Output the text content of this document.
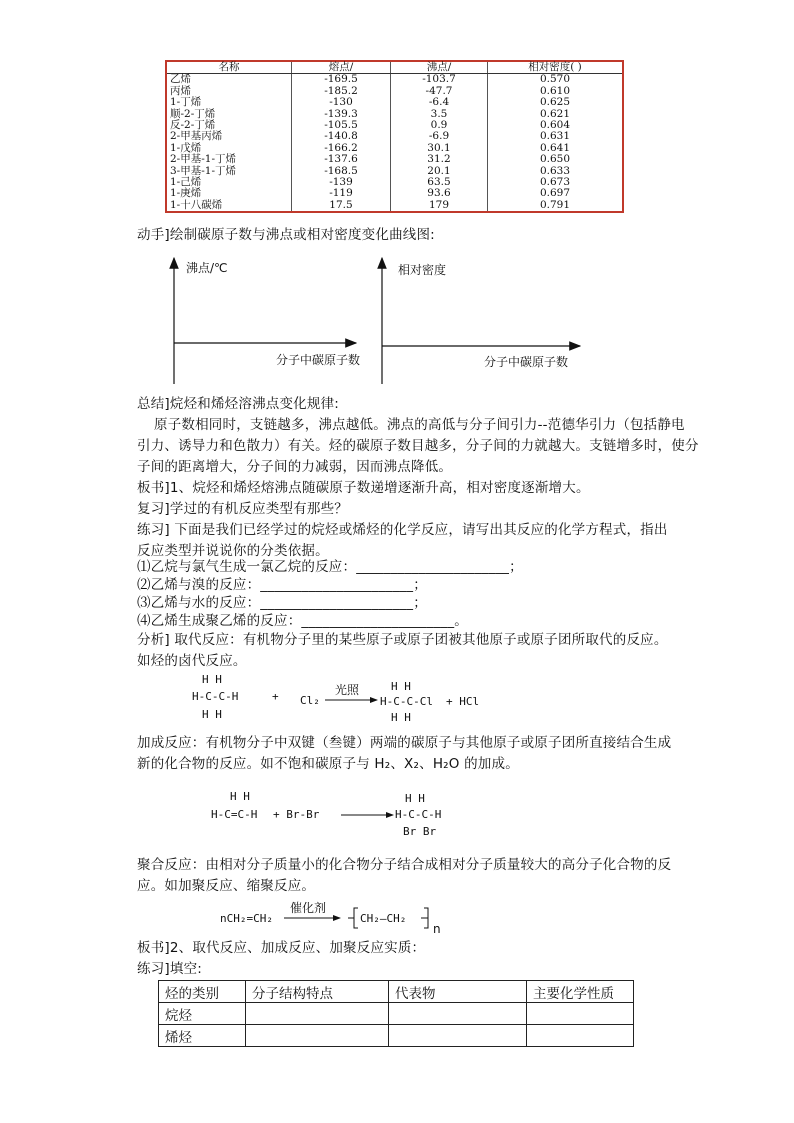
名称	熔点/	沸点/	相对密度( )
乙烯	-169.5	-103.7	0.570
丙烯	-185.2	-47.7	0.610
1-丁烯	-130	-6.4	0.625
顺-2-丁烯	-139.3	3.5	0.621
反-2-丁烯	-105.5	0.9	0.604
2-甲基丙烯	-140.8	-6.9	0.631
1-戊烯	-166.2	30.1	0.641
2-甲基-1-丁烯	-137.6	31.2	0.650
3-甲基-1-丁烯	-168.5	20.1	0.633
1-己烯	-139	63.5	0.673
1-庚烯	-119	93.6	0.697
1-十八碳烯	17.5	179	0.791
动手]绘制碳原子数与沸点或相对密度变化曲线图:
沸点/℃
分子中碳原子数
相对密度
分子中碳原子数
总结]烷烃和烯烃溶沸点变化规律:
原子数相同时，支链越多，沸点越低。沸点的高低与分子间引力--范德华引力（包括静电
引力、诱导力和色散力）有关。烃的碳原子数目越多，分子间的力就越大。支链增多时，使分
子间的距离增大，分子间的力减弱，因而沸点降低。
板书]1、烷烃和烯烃熔沸点随碳原子数递增逐渐升高，相对密度逐渐增大。
复习]学过的有机反应类型有那些？
练习] 下面是我们已经学过的烷烃或烯烃的化学反应，请写出其反应的化学方程式，指出
反应类型并说说你的分类依据。
⑴乙烷与氯气生成一氯乙烷的反应：______________________；
⑵乙烯与溴的反应：______________________；
⑶乙烯与水的反应：______________________；
⑷乙烯生成聚乙烯的反应：______________________。
分析] 取代反应：有机物分子里的某些原子或原子团被其他原子或原子团所取代的反应。
如烃的卤代反应。
H H
H-C-C-H
H H
+ Cl₂
光照	H H
H-C-C-Cl
H H
+ HCl
加成反应：有机物分子中双键（叁键）两端的碳原子与其他原子或原子团所直接结合生成
新的化合物的反应。如不饱和碳原子与 H₂、X₂、H₂O 的加成。
H H
H-C=C-H + Br-Br
H H
H-C-C-H
Br Br
聚合反应：由相对分子质量小的化合物分子结合成相对分子质量较大的高分子化合物的反
应。如加聚反应、缩聚反应。
nCH₂=CH₂
催化剂
CH₂—CH₂
n
板书]2、取代反应、加成反应、加聚反应实质：
练习]填空:
烃的类别	分子结构特点	代表物	主要化学性质
烷烃			
烯烃			
